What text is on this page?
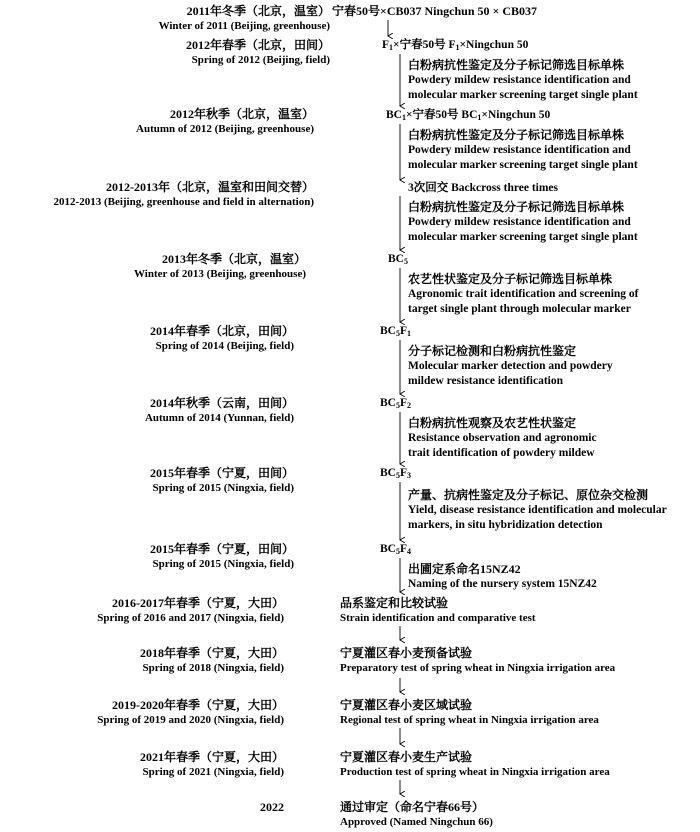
2011年冬季（北京，温室）
Winter of 2011 (Beijing, greenhouse)
2012年春季（北京，田间）
Spring of 2012 (Beijing, field)
2012年秋季（北京，温室）
Autumn of 2012 (Beijing, greenhouse)
2012-2013年（北京，温室和田间交替）
2012-2013 (Beijing, greenhouse and field in alternation)
2013年冬季（北京，温室）
Winter of 2013 (Beijing, greenhouse)
2014年春季（北京，田间）
Spring of 2014 (Beijing, field)
2014年秋季（云南，田间）
Autumn of 2014 (Yunnan, field)
2015年春季（宁夏，田间）
Spring of 2015 (Ningxia, field)
2015年春季（宁夏，田间）
Spring of 2015 (Ningxia, field)
2016-2017年春季（宁夏，大田）
Spring of 2016 and 2017 (Ningxia, field)
2018年春季（宁夏，大田）
Spring of 2018 (Ningxia, field)
2019-2020年春季（宁夏，大田）
Spring of 2019 and 2020 (Ningxia, field)
2021年春季（宁夏，大田）
Spring of 2021 (Ningxia, field)
2022
宁春50号×CB037 Ningchun 50 × CB037
$F_1\times$宁春50号 $F_1\times Ningchun$ 50
白粉病抗性鉴定及分子标记筛选目标单株
Powdery mildew resistance identification and
molecular marker screening target single plant
$BC_1\times$宁春50号 $BC_1\times Ningchun$ 50
白粉病抗性鉴定及分子标记筛选目标单株
Powdery mildew resistance identification and
molecular marker screening target single plant
3次回交 Backcross three times
白粉病抗性鉴定及分子标记筛选目标单株
Powdery mildew resistance identification and
molecular marker screening target single plant
$BC_5$
农艺性状鉴定及分子标记筛选目标单株
Agronomic trait identification and screening of
target single plant through molecular marker
$BC_5F_1$
分子标记检测和白粉病抗性鉴定
Molecular marker detection and powdery
mildew resistance identification
$BC_5F_2$
白粉病抗性观察及农艺性状鉴定
Resistance observation and agronomic
trait identification of powdery mildew
$BC_5F_3$
产量、抗病性鉴定及分子标记、原位杂交检测
Yield, disease resistance identification and molecular
markers, in situ hybridization detection
$BC_5F_4$
出圃定系命名15NZ42
Naming of the nursery system 15NZ42
品系鉴定和比较试验
Strain identification and comparative test
宁夏灌区春小麦预备试验
Preparatory test of spring wheat in Ningxia irrigation area
宁夏灌区春小麦区域试验
Regional test of spring wheat in Ningxia irrigation area
宁夏灌区春小麦生产试验
Production test of spring wheat in Ningxia irrigation area
通过审定（命名宁春66号）
Approved (Named Ningchun 66)
